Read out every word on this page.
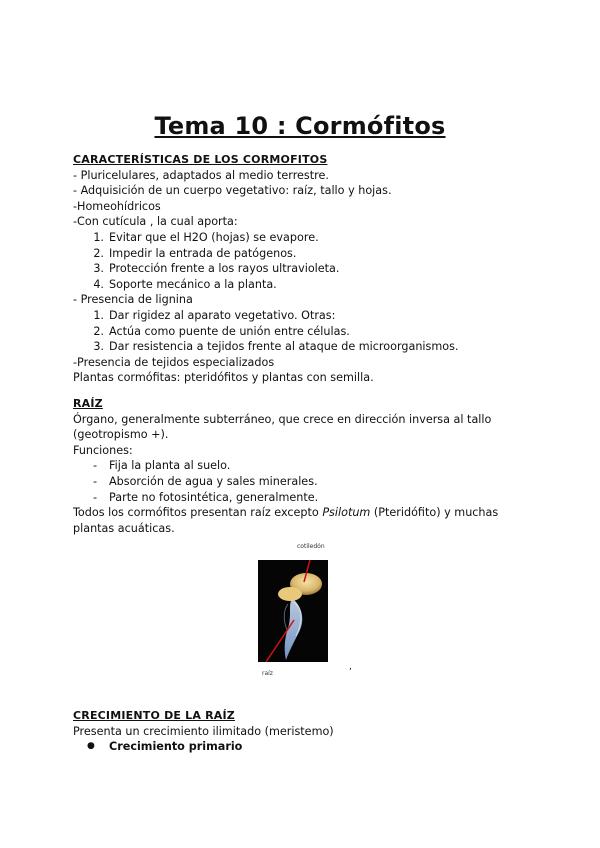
Tema 10 : Cormófitos

CARACTERÍSTICAS DE LOS CORMOFITOS

- Pluricelulares, adaptados al medio terrestre.

- Adquisición de un cuerpo vegetativo: raíz, tallo y hojas.

-Homeohídricos

-Con cutícula , la cual aporta:

1. Evitar que el H2O (hojas) se evapore.
2. Impedir la entrada de patógenos.
3. Protección frente a los rayos ultravioleta.
4. Soporte mecánico a la planta.

- Presencia de lignina

1. Dar rigidez al aparato vegetativo. Otras:
2. Actúa como puente de unión entre células.
3. Dar resistencia a tejidos frente al ataque de microorganismos.

-Presencia de tejidos especializados

Plantas cormófitas: pteridófitos y plantas con semilla.

RAÍZ

Órgano, generalmente subterráneo, que crece en dirección inversa al tallo

(geotropismo +).

Funciones:

- Fija la planta al suelo.
- Absorción de agua y sales minerales.
- Parte no fotosintética, generalmente.

Todos los cormófitos presentan raíz excepto Psilotum (Pteridófito) y muchas

plantas acuáticas.

cotiledón
raíz
,

CRECIMIENTO DE LA RAÍZ

Presenta un crecimiento ilimitado (meristemo)

● Crecimiento primario
